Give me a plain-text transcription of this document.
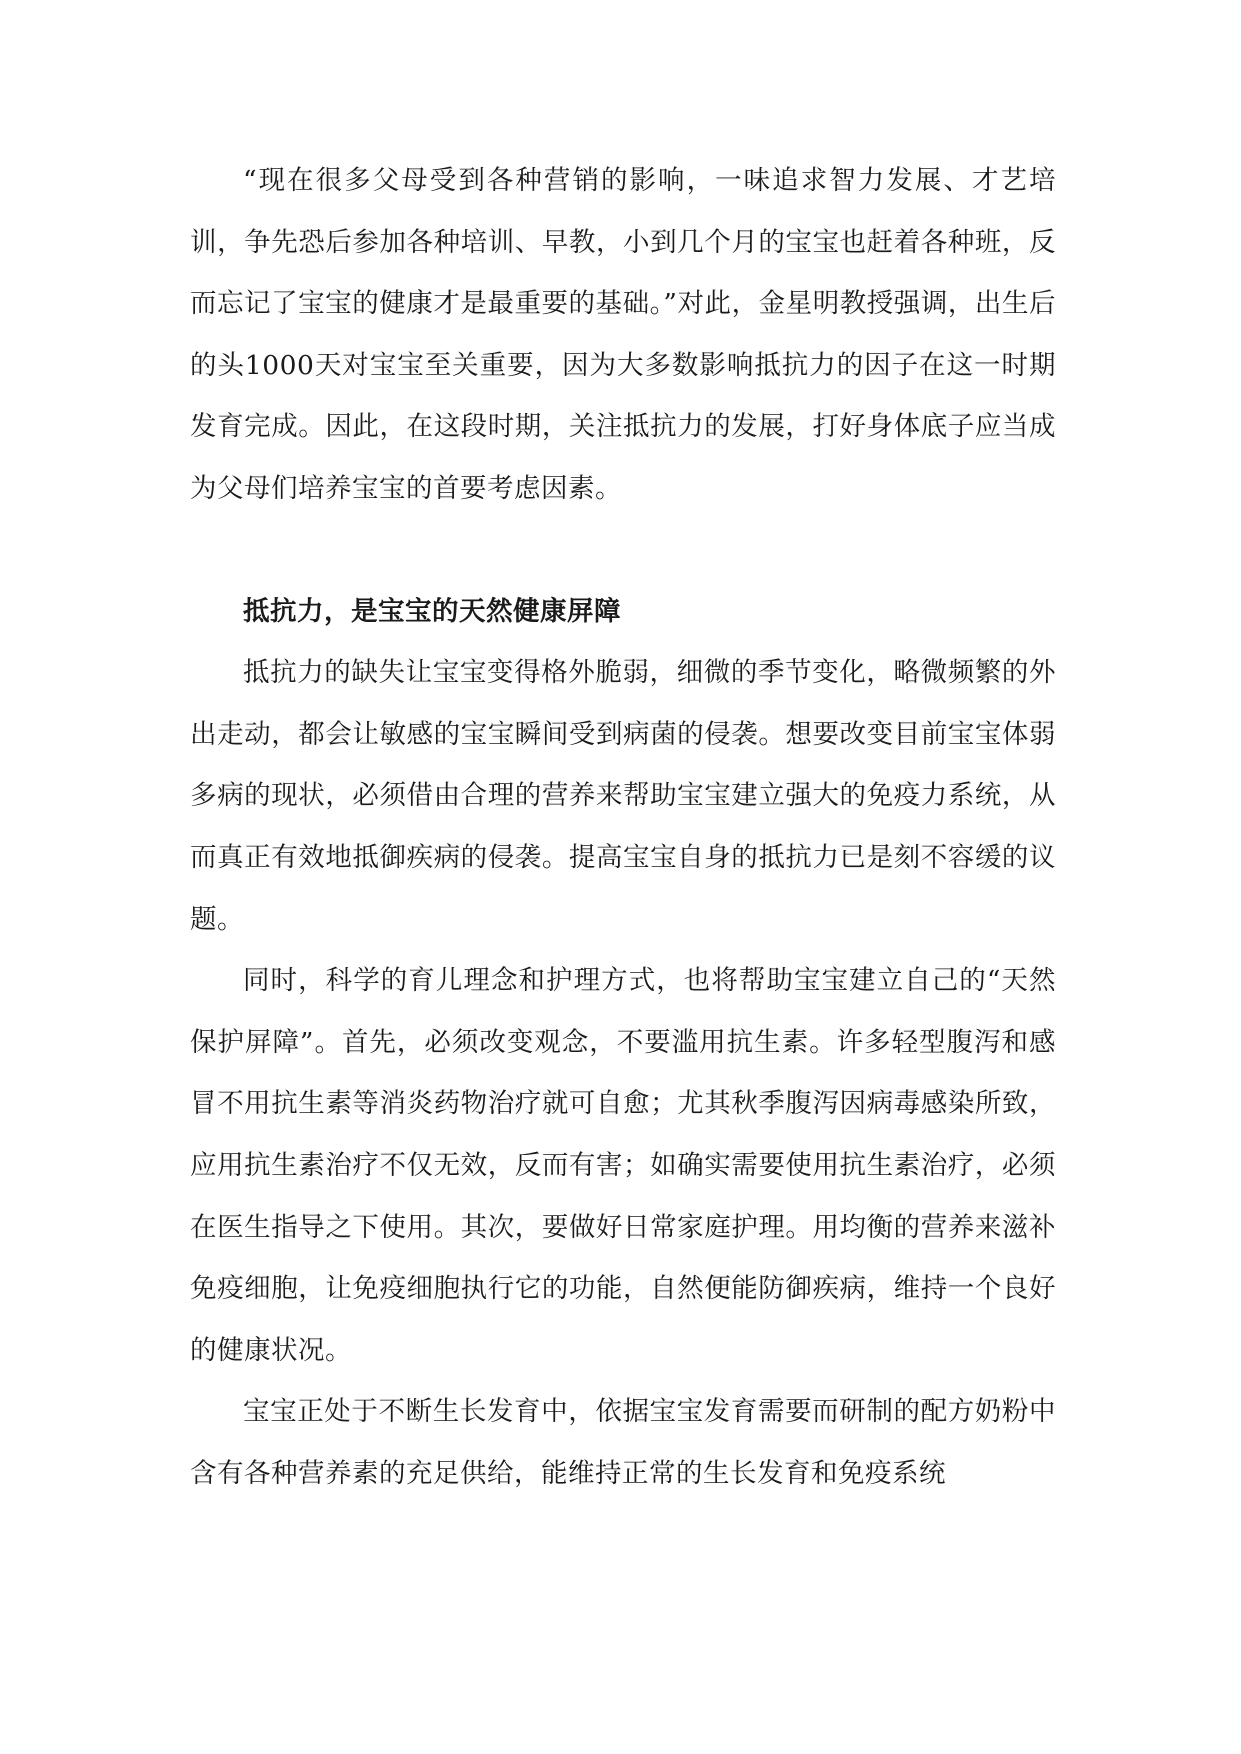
“现在很多父母受到各种营销的影响，一味追求智力发展、才艺培训，争先恐后参加各种培训、早教，小到几个月的宝宝也赶着各种班，反而忘记了宝宝的健康才是最重要的基础。”对此，金星明教授强调，出生后的头1000天对宝宝至关重要，因为大多数影响抵抗力的因子在这一时期发育完成。因此，在这段时期，关注抵抗力的发展，打好身体底子应当成为父母们培养宝宝的首要考虑因素。

抵抗力，是宝宝的天然健康屏障

抵抗力的缺失让宝宝变得格外脆弱，细微的季节变化，略微频繁的外出走动，都会让敏感的宝宝瞬间受到病菌的侵袭。想要改变目前宝宝体弱多病的现状，必须借由合理的营养来帮助宝宝建立强大的免疫力系统，从而真正有效地抵御疾病的侵袭。提高宝宝自身的抵抗力已是刻不容缓的议题。

同时，科学的育儿理念和护理方式，也将帮助宝宝建立自己的“天然保护屏障”。首先，必须改变观念，不要滥用抗生素。许多轻型腹泻和感冒不用抗生素等消炎药物治疗就可自愈；尤其秋季腹泻因病毒感染所致，应用抗生素治疗不仅无效，反而有害；如确实需要使用抗生素治疗，必须在医生指导之下使用。其次，要做好日常家庭护理。用均衡的营养来滋补免疫细胞，让免疫细胞执行它的功能，自然便能防御疾病，维持一个良好的健康状况。

宝宝正处于不断生长发育中，依据宝宝发育需要而研制的配方奶粉中含有各种营养素的充足供给，能维持正常的生长发育和免疫系统
